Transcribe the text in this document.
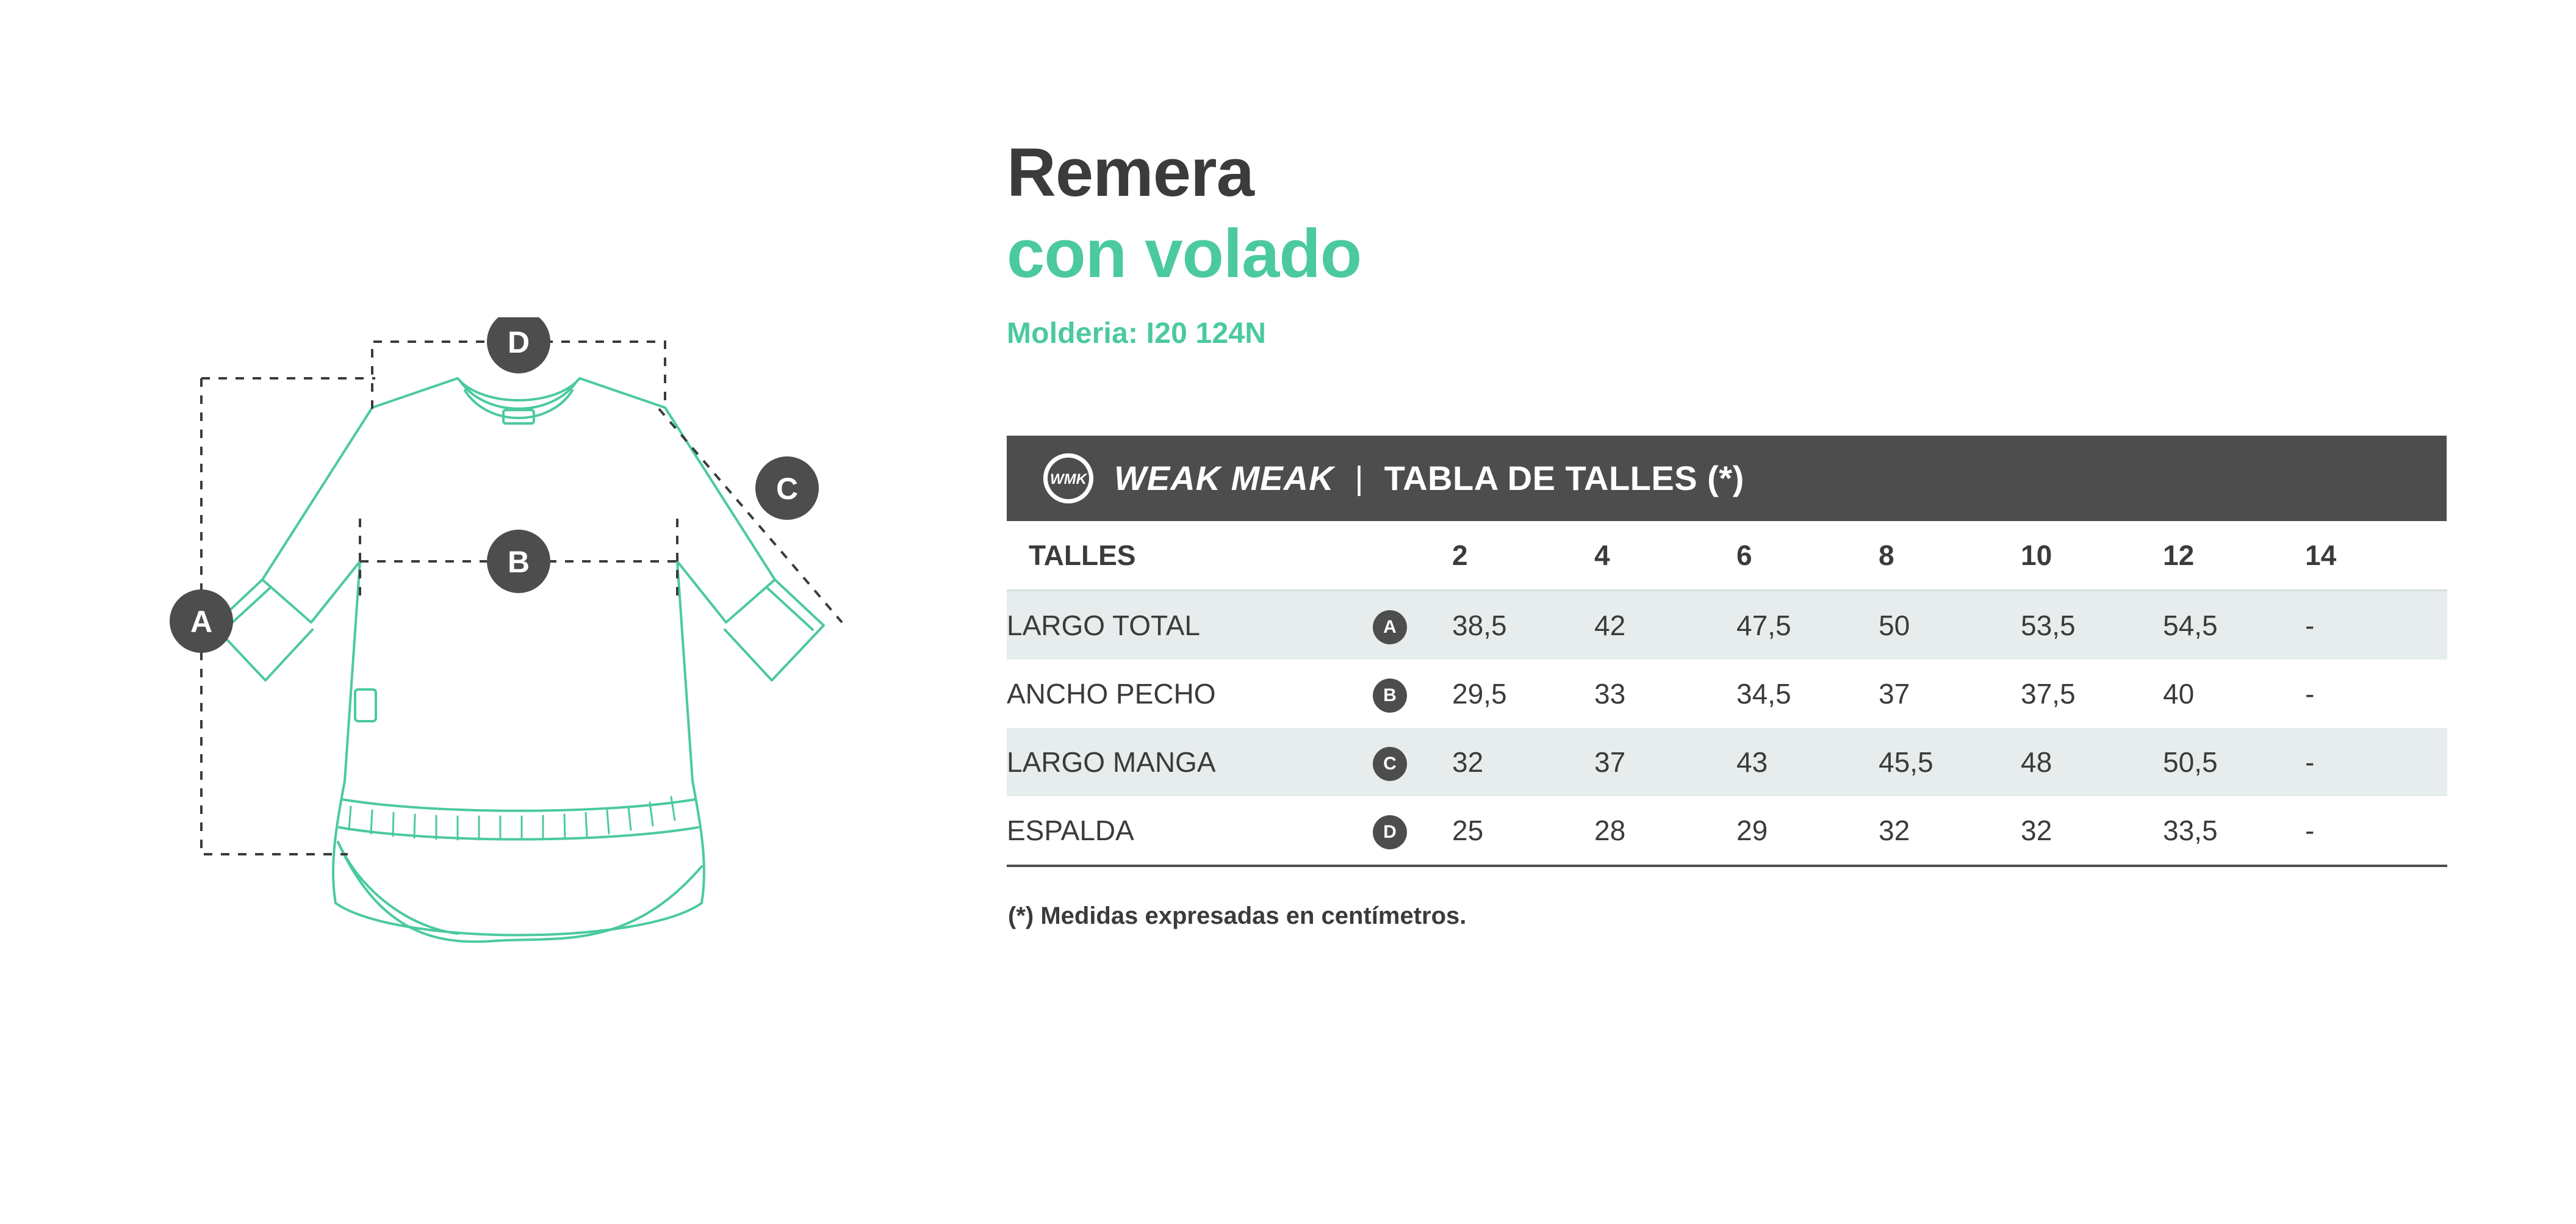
A
B
C
D
Remera
con volado
Molderia: I20 124N
WMK WEAK MEAK | TABLA DE TALLES (*)
TALLES		2	4	6	8	10	12	14
LARGO TOTAL	A	38,5	42	47,5	50	53,5	54,5	-
ANCHO PECHO	B	29,5	33	34,5	37	37,5	40	-
LARGO MANGA	C	32	37	43	45,5	48	50,5	-
ESPALDA	D	25	28	29	32	32	33,5	-
(*) Medidas expresadas en centímetros.
